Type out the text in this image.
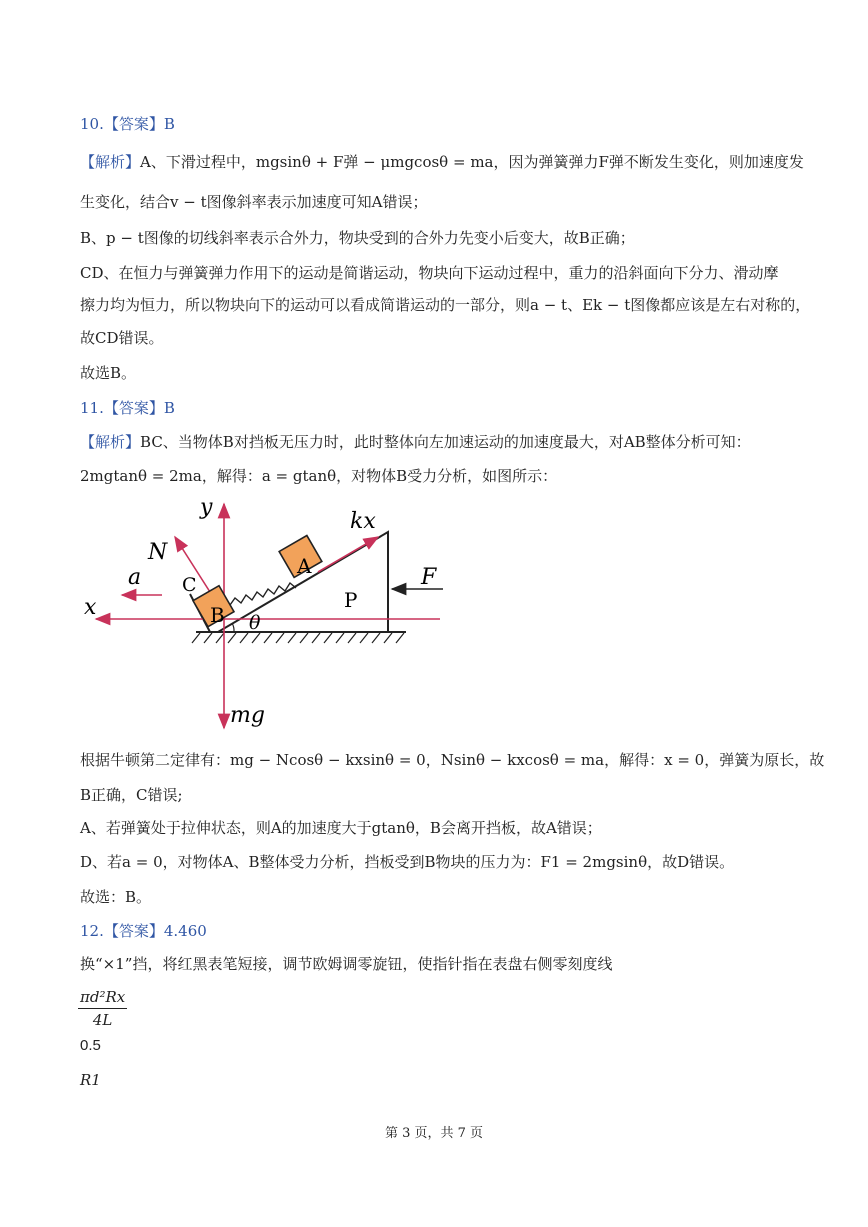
10.【答案】B
【解析】A、下滑过程中，mgsinθ + F弹 − μmgcosθ = ma，因为弹簧弹力F弹不断发生变化，则加速度发
生变化，结合v − t图像斜率表示加速度可知A错误；
B、p − t图像的切线斜率表示合外力，物块受到的合外力先变小后变大，故B正确；
CD、在恒力与弹簧弹力作用下的运动是简谐运动，物块向下运动过程中，重力的沿斜面向下分力、滑动摩
擦力均为恒力，所以物块向下的运动可以看成简谐运动的一部分，则a − t、Ek − t图像都应该是左右对称的，
故CD错误。
故选B。
11.【答案】B
【解析】BC、当物体B对挡板无压力时，此时整体向左加速运动的加速度最大，对AB整体分析可知：
2mgtanθ = 2ma，解得：a = gtanθ，对物体B受力分析，如图所示：
y
kx
N
a C
A
B
P
F
x
θ
mg
根据牛顿第二定律有：mg − Ncosθ − kxsinθ = 0，Nsinθ − kxcosθ = ma，解得：x = 0，弹簧为原长，故
B正确，C错误;
A、若弹簧处于拉伸状态，则A的加速度大于gtanθ，B会离开挡板，故A错误；
D、若a = 0，对物体A、B整体受力分析，挡板受到B物块的压力为：F1 = 2mgsinθ，故D错误。
故选：B。
12.【答案】4.460
换“×1”挡，将红黑表笔短接，调节欧姆调零旋钮，使指针指在表盘右侧零刻度线
$\frac{\text{πd²Rx}}{4L}$
0.5
R1
第 3 页，共 7 页
